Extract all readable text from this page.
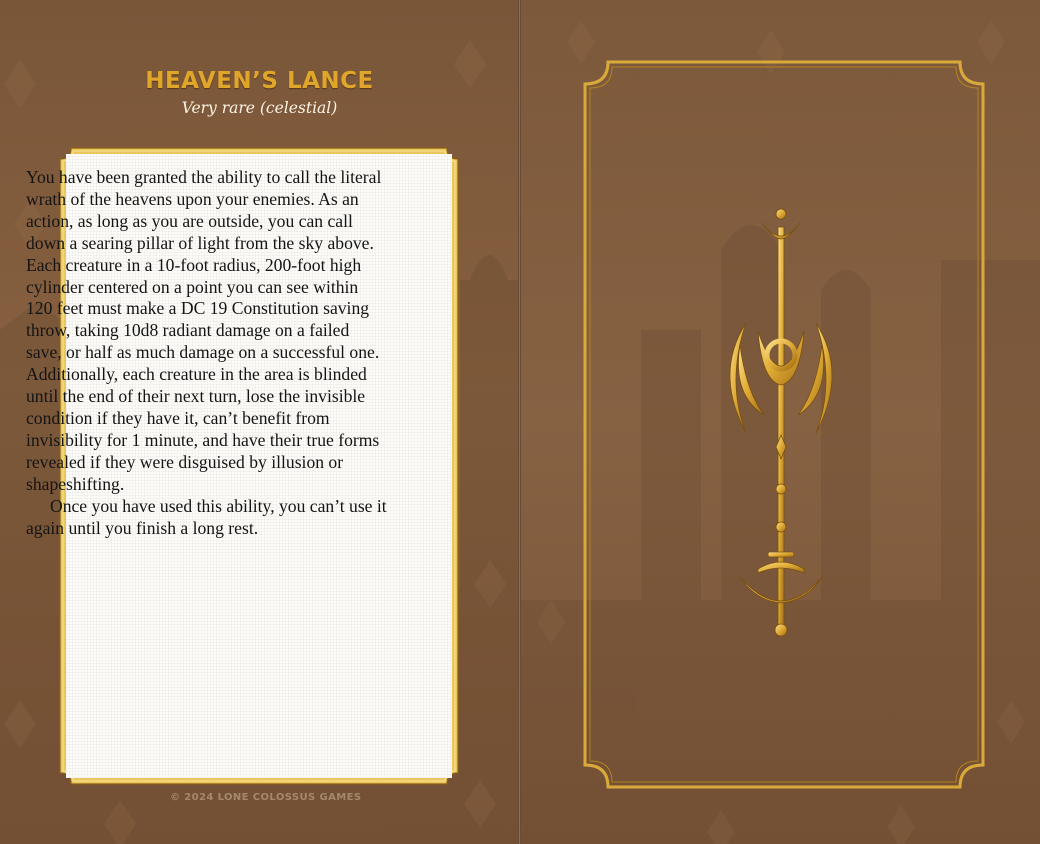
HEAVEN’S LANCE
Very rare (celestial)

You have been granted the ability to call the literal wrath of the heavens upon your enemies. As an action, as long as you are outside, you can call down a searing pillar of light from the sky above. Each creature in a 10-foot radius, 200-foot high cylinder centered on a point you can see within 120 feet must make a DC 19 Constitution saving throw, taking 10d8 radiant damage on a failed save, or half as much damage on a successful one. Additionally, each creature in the area is blinded until the end of their next turn, lose the invisible condition if they have it, can’t benefit from invisibility for 1 minute, and have their true forms revealed if they were disguised by illusion or shapeshifting.

Once you have used this ability, you can’t use it again until you finish a long rest.

© 2024 LONE COLOSSUS GAMES
